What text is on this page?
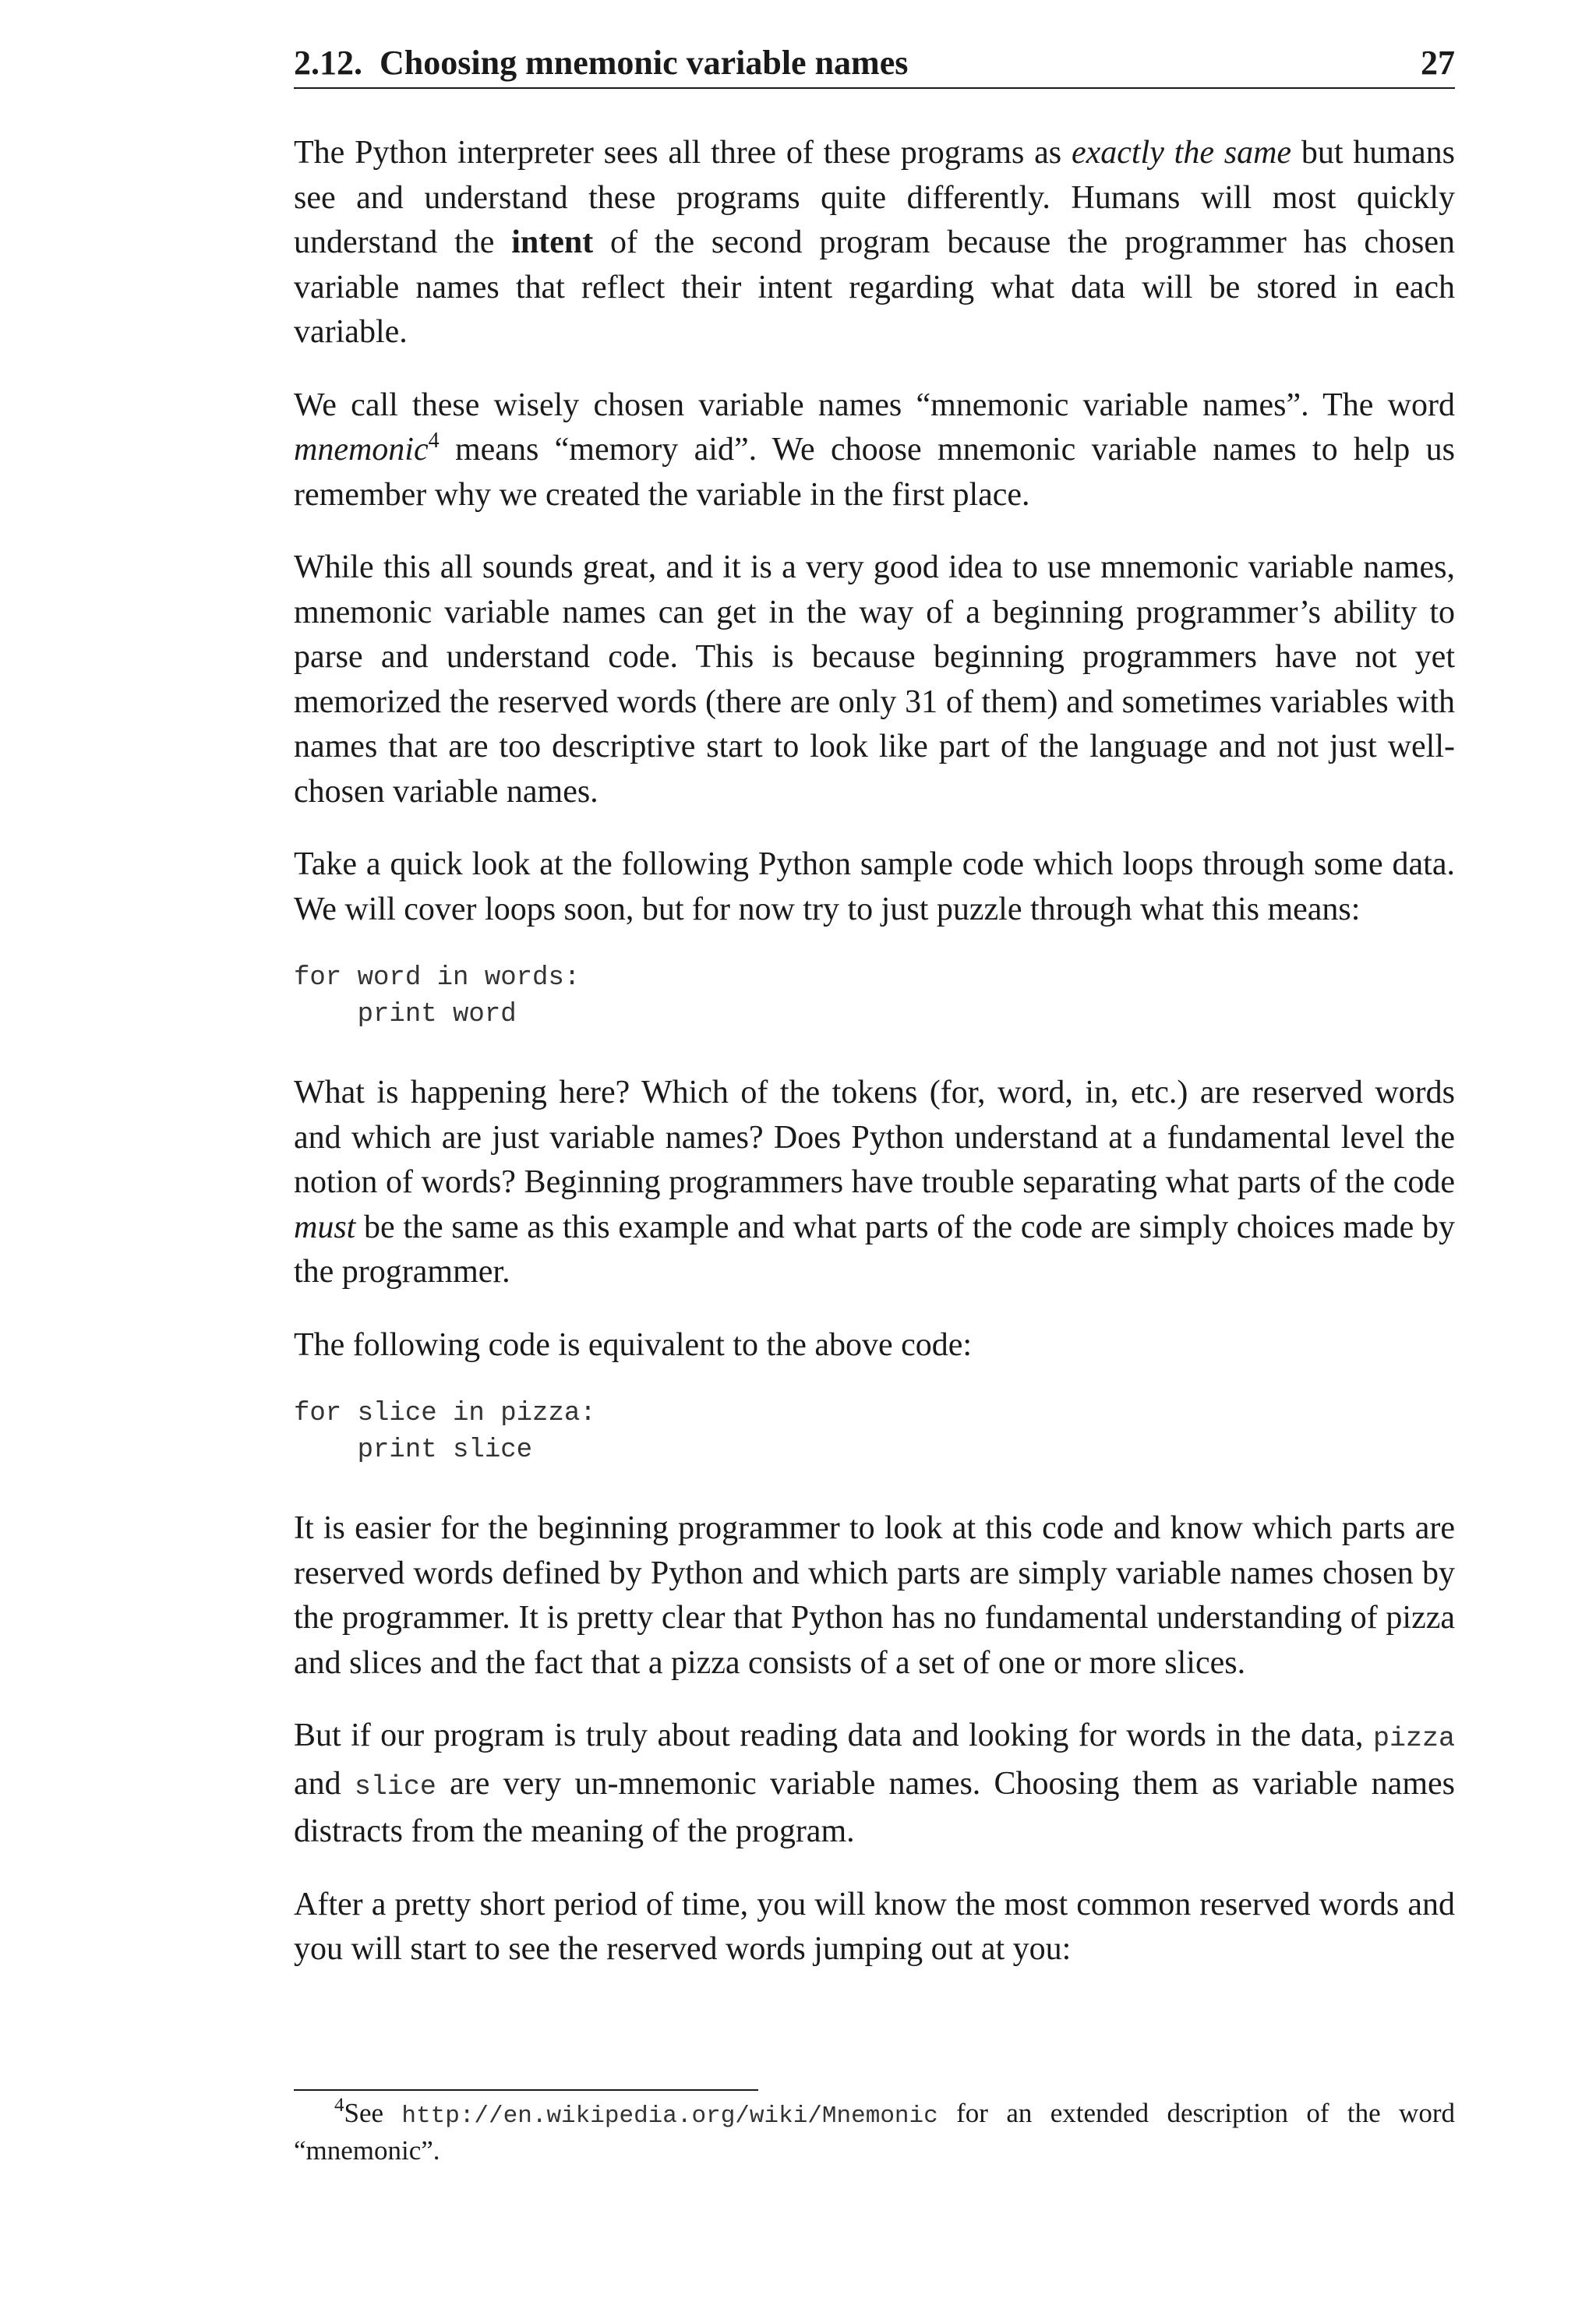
2.12. Choosing mnemonic variable names	27

The Python interpreter sees all three of these programs as exactly the same but humans see and understand these programs quite differently. Humans will most quickly understand the intent of the second program because the programmer has chosen variable names that reflect their intent regarding what data will be stored in each variable.

We call these wisely chosen variable names “mnemonic variable names”. The word mnemonic$^4$ means “memory aid”. We choose mnemonic variable names to help us remember why we created the variable in the first place.

While this all sounds great, and it is a very good idea to use mnemonic variable names, mnemonic variable names can get in the way of a beginning programmer’s ability to parse and understand code. This is because beginning programmers have not yet memorized the reserved words (there are only 31 of them) and sometimes variables with names that are too descriptive start to look like part of the language and not just well-chosen variable names.

Take a quick look at the following Python sample code which loops through some data. We will cover loops soon, but for now try to just puzzle through what this means:

for word in words:
print word

What is happening here? Which of the tokens (for, word, in, etc.) are reserved words and which are just variable names? Does Python understand at a fundamental level the notion of words? Beginning programmers have trouble separating what parts of the code must be the same as this example and what parts of the code are simply choices made by the programmer.

The following code is equivalent to the above code:

for slice in pizza:
print slice

It is easier for the beginning programmer to look at this code and know which parts are reserved words defined by Python and which parts are simply variable names chosen by the programmer. It is pretty clear that Python has no fundamental understanding of pizza and slices and the fact that a pizza consists of a set of one or more slices.

But if our program is truly about reading data and looking for words in the data, pizza and slice are very un-mnemonic variable names. Choosing them as variable names distracts from the meaning of the program.

After a pretty short period of time, you will know the most common reserved words and you will start to see the reserved words jumping out at you:

$^4$See http://en.wikipedia.org/wiki/Mnemonic for an extended description of the word “mnemonic”.
